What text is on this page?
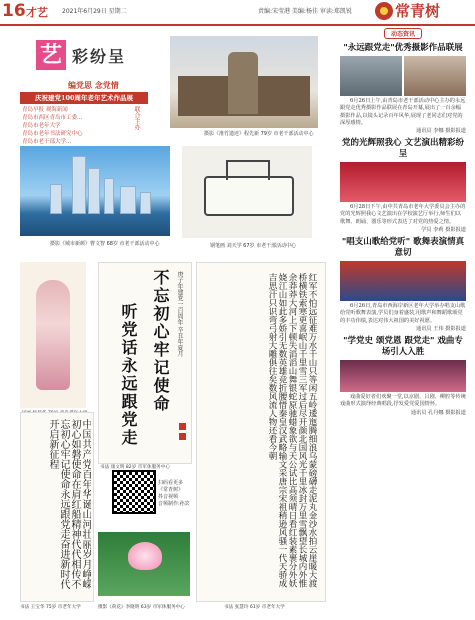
16 才艺 2021年6月29日 星期二	责编:宋莹港 美编:杨佳 审读:郑凯锐	常青树
艺 彩纷呈
编党思 念党情
庆祝建党100周年老年艺术作品展
青岛早报 观海新闻
青岛市西区青岛市工委...
青岛市老年大学
青岛市老年书法研究中心
青岛市老干部大学...
联合主办
摄影《淮竹遗迹》程先新 79岁 市老干部活动中心
摄影《城市新颜》曹文智 68岁 市老干部活动中心	钢笔画 刘天学 67岁 市老干部活动中心
不忘初心牢记使命
听党话永远跟党走	庚子年建党一百周年 辛丑年夏月
书法 康文明 82岁 市军休服务中心
扫码看更多
《常青树》
抖音视频
音频制作:孙宾
摄影《荷花》李晓明 63岁 市军休服务中心
红军不怕远征难万水千山只等闲五岭逶迤腾细浪乌蒙磅礴走泥丸金沙水拍云崖暖大渡桥横铁索寒更喜岷山千里雪三军过后尽开颜北国风光千里冰封万里雪飘望长城内外惟余莽莽大河上下顿失滔滔山舞银蛇原驰蜡象欲与天公试比高须晴日看红装素裹分外妖娆江山如此多娇引无数英雄竞折腰惜秦皇汉武略输文采唐宗宋祖稍逊风骚一代天骄成吉思汗只识弯弓射大雕俱往矣数风流人物还看今朝
书法 张慧玲 61岁 市老年大学
中国共产党百年华诞山河壮丽岁月峥嵘初心如磐使命在肩红船精神代代相传不忘初心牢记使命永远跟党走奋进新时代开启新征程
书法 王宝华 75岁 市老年大学
动态资讯
"永远跟党走"优秀摄影作品联展
6月26日上午,由青岛市老干部活动中心主办的永远跟党走优秀摄影作品联展在青岛开幕,展出了一百余幅摄影作品,以镜头记录百年风华,展现了老同志们对党的深厚感情。
通讯员 李娜 摄影报道
党的光辉照我心 文艺演出精彩纷呈
6月28日下午,由中共青岛市老年大学委员会主办的党的光辉照我心文艺演出在学校演艺厅举行,师生们以歌舞、朗诵、器乐等形式表达了对党的热爱之情。
学员 李莉 摄影报道
"唱支山歌给党听" 歌舞表演情真意切
6月26日,青岛市西海岸新区老年大学举办唱支山歌给党听歌舞表演,学员们身着盛装,用歌声和舞蹈歌颂党的丰功伟绩,表达对伟大祖国的美好祝愿。
通讯员 王伟 摄影报道
"学党史 颂党恩 跟党走" 戏曲专场引人入胜
戏曲爱好者们欢聚一堂,以京剧、吕剧、柳腔等传统戏曲形式演绎经典唱段,抒发爱党爱国情怀。
通讯员 孔丹娜 摄影报道
